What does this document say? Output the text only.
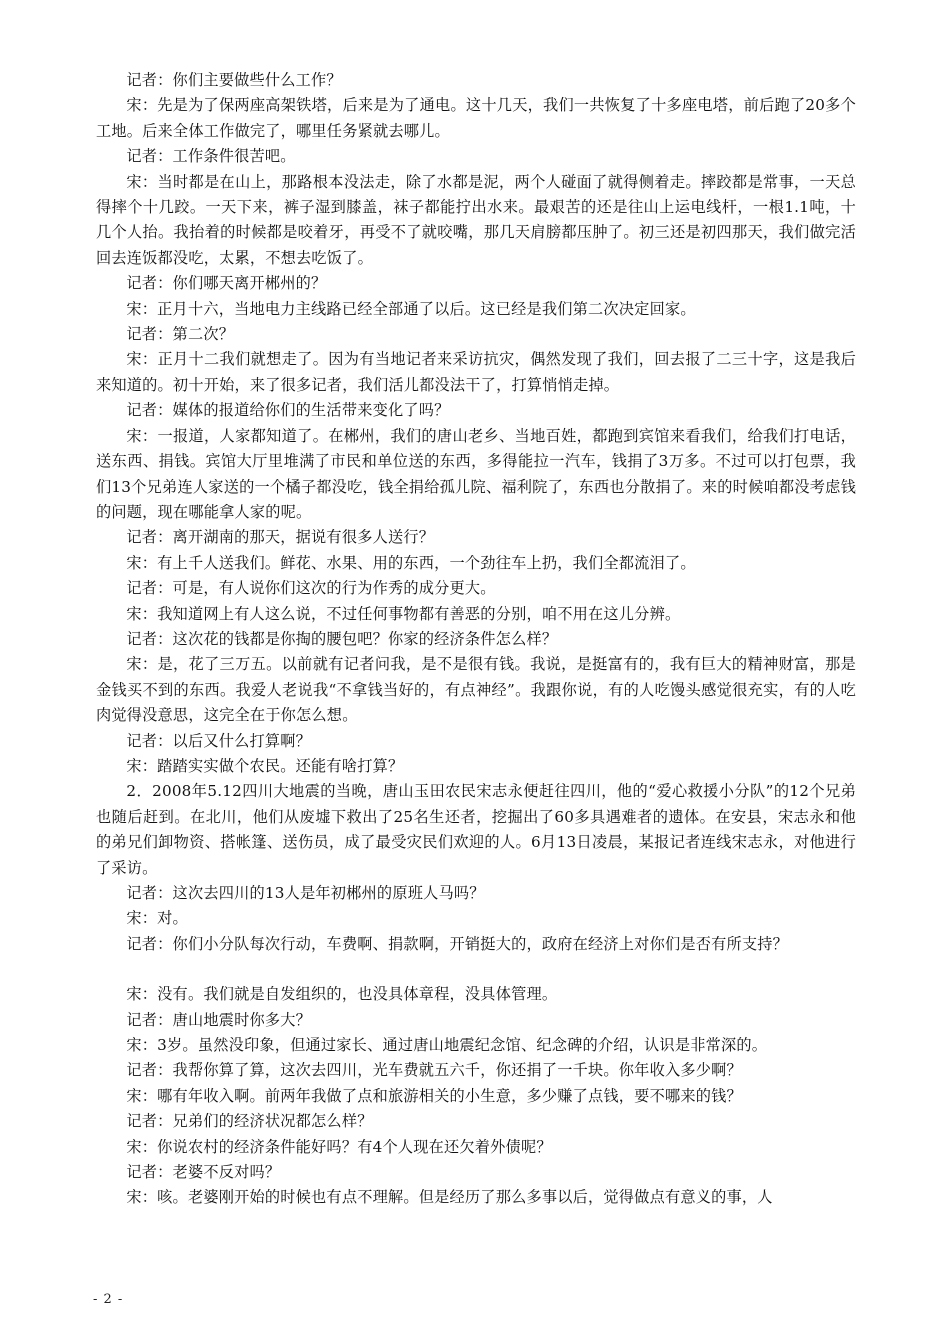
记者：你们主要做些什么工作？

宋：先是为了保两座高架铁塔，后来是为了通电。这十几天，我们一共恢复了十多座电塔，前后跑了20多个工地。后来全体工作做完了，哪里任务紧就去哪儿。

记者：工作条件很苦吧。

宋：当时都是在山上，那路根本没法走，除了水都是泥，两个人碰面了就得侧着走。摔跤都是常事，一天总得摔个十几跤。一天下来，裤子湿到膝盖，袜子都能拧出水来。最艰苦的还是往山上运电线杆，一根1.1吨，十几个人抬。我抬着的时候都是咬着牙，再受不了就咬嘴，那几天肩膀都压肿了。初三还是初四那天，我们做完活回去连饭都没吃，太累，不想去吃饭了。

记者：你们哪天离开郴州的？

宋：正月十六，当地电力主线路已经全部通了以后。这已经是我们第二次决定回家。

记者：第二次？

宋：正月十二我们就想走了。因为有当地记者来采访抗灾，偶然发现了我们，回去报了二三十字，这是我后来知道的。初十开始，来了很多记者，我们活儿都没法干了，打算悄悄走掉。

记者：媒体的报道给你们的生活带来变化了吗？

宋：一报道，人家都知道了。在郴州，我们的唐山老乡、当地百姓，都跑到宾馆来看我们，给我们打电话，送东西、捐钱。宾馆大厅里堆满了市民和单位送的东西，多得能拉一汽车，钱捐了3万多。不过可以打包票，我们13个兄弟连人家送的一个橘子都没吃，钱全捐给孤儿院、福利院了，东西也分散捐了。来的时候咱都没考虑钱的问题，现在哪能拿人家的呢。

记者：离开湖南的那天，据说有很多人送行？

宋：有上千人送我们。鲜花、水果、用的东西，一个劲往车上扔，我们全都流泪了。

记者：可是，有人说你们这次的行为作秀的成分更大。

宋：我知道网上有人这么说，不过任何事物都有善恶的分别，咱不用在这儿分辨。

记者：这次花的钱都是你掏的腰包吧？你家的经济条件怎么样？

宋：是，花了三万五。以前就有记者问我，是不是很有钱。我说，是挺富有的，我有巨大的精神财富，那是金钱买不到的东西。我爱人老说我“不拿钱当好的，有点神经”。我跟你说，有的人吃馒头感觉很充实，有的人吃肉觉得没意思，这完全在于你怎么想。

记者：以后又什么打算啊？

宋：踏踏实实做个农民。还能有啥打算？

2．2008年5.12四川大地震的当晚，唐山玉田农民宋志永便赶往四川，他的“爱心救援小分队”的12个兄弟也随后赶到。在北川，他们从废墟下救出了25名生还者，挖掘出了60多具遇难者的遗体。在安县，宋志永和他的弟兄们卸物资、搭帐篷、送伤员，成了最受灾民们欢迎的人。6月13日凌晨，某报记者连线宋志永，对他进行了采访。

记者：这次去四川的13人是年初郴州的原班人马吗？

宋：对。

记者：你们小分队每次行动，车费啊、捐款啊，开销挺大的，政府在经济上对你们是否有所支持？

宋：没有。我们就是自发组织的，也没具体章程，没具体管理。

记者：唐山地震时你多大？

宋：3岁。虽然没印象，但通过家长、通过唐山地震纪念馆、纪念碑的介绍，认识是非常深的。

记者：我帮你算了算，这次去四川，光车费就五六千，你还捐了一千块。你年收入多少啊？

宋：哪有年收入啊。前两年我做了点和旅游相关的小生意，多少赚了点钱，要不哪来的钱？

记者：兄弟们的经济状况都怎么样？

宋：你说农村的经济条件能好吗？有4个人现在还欠着外债呢？

记者：老婆不反对吗？

宋：咳。老婆刚开始的时候也有点不理解。但是经历了那么多事以后，觉得做点有意义的事，人

- 2 -
